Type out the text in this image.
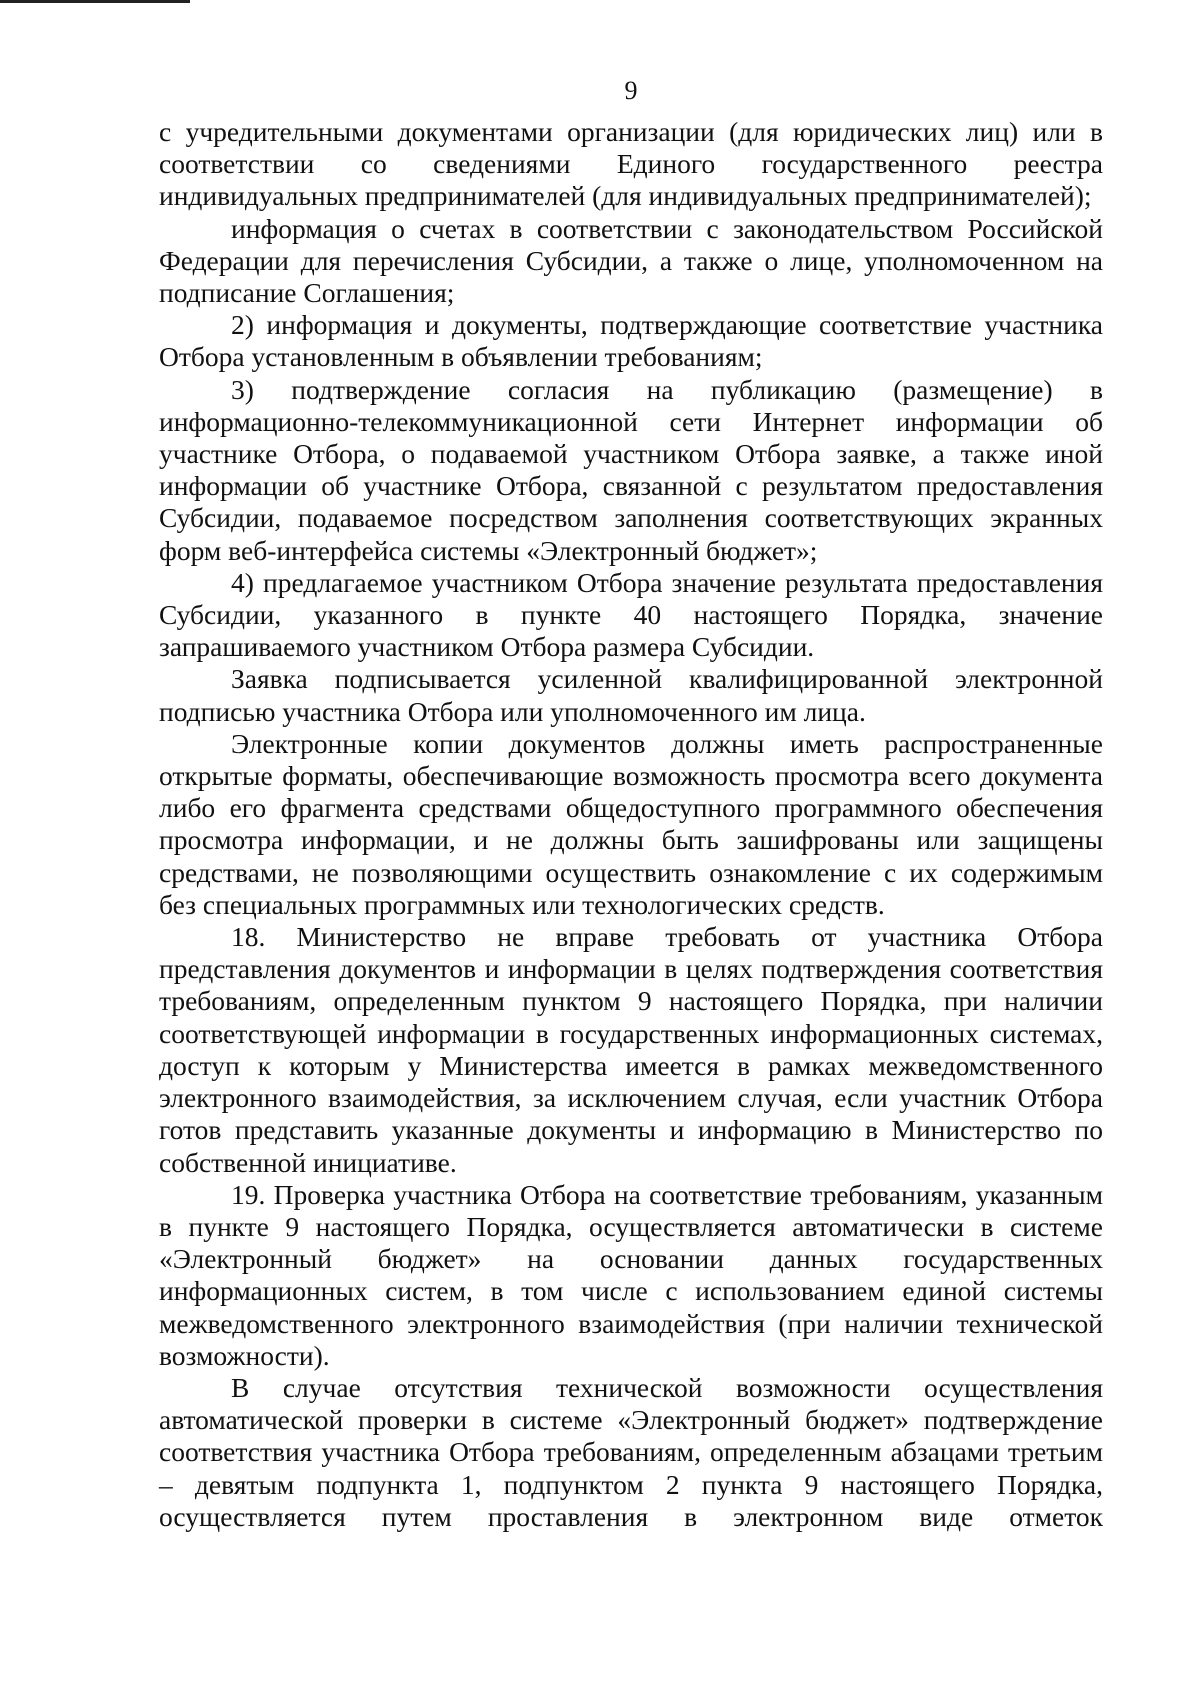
9

с учредительными документами организации (для юридических лиц) или в соответствии со сведениями Единого государственного реестра индивидуальных предпринимателей (для индивидуальных предпринимателей);

информация о счетах в соответствии с законодательством Российской Федерации для перечисления Субсидии, а также о лице, уполномоченном на подписание Соглашения;

2) информация и документы, подтверждающие соответствие участника Отбора установленным в объявлении требованиям;

3) подтверждение согласия на публикацию (размещение) в информационно-телекоммуникационной сети Интернет информации об участнике Отбора, о подаваемой участником Отбора заявке, а также иной информации об участнике Отбора, связанной с результатом предоставления Субсидии, подаваемое посредством заполнения соответствующих экранных форм веб-интерфейса системы «Электронный бюджет»;

4) предлагаемое участником Отбора значение результата предоставления Субсидии, указанного в пункте 40 настоящего Порядка, значение запрашиваемого участником Отбора размера Субсидии.

Заявка подписывается усиленной квалифицированной электронной подписью участника Отбора или уполномоченного им лица.

Электронные копии документов должны иметь распространенные открытые форматы, обеспечивающие возможность просмотра всего документа либо его фрагмента средствами общедоступного программного обеспечения просмотра информации, и не должны быть зашифрованы или защищены средствами, не позволяющими осуществить ознакомление с их содержимым без специальных программных или технологических средств.

18. Министерство не вправе требовать от участника Отбора представления документов и информации в целях подтверждения соответствия требованиям, определенным пунктом 9 настоящего Порядка, при наличии соответствующей информации в государственных информационных системах, доступ к которым у Министерства имеется в рамках межведомственного электронного взаимодействия, за исключением случая, если участник Отбора готов представить указанные документы и информацию в Министерство по собственной инициативе.

19. Проверка участника Отбора на соответствие требованиям, указанным в пункте 9 настоящего Порядка, осуществляется автоматически в системе «Электронный бюджет» на основании данных государственных информационных систем, в том числе с использованием единой системы межведомственного электронного взаимодействия (при наличии технической возможности).

В случае отсутствия технической возможности осуществления автоматической проверки в системе «Электронный бюджет» подтверждение соответствия участника Отбора требованиям, определенным абзацами третьим – девятым подпункта 1, подпунктом 2 пункта 9 настоящего Порядка, осуществляется путем проставления в электронном виде отметок
